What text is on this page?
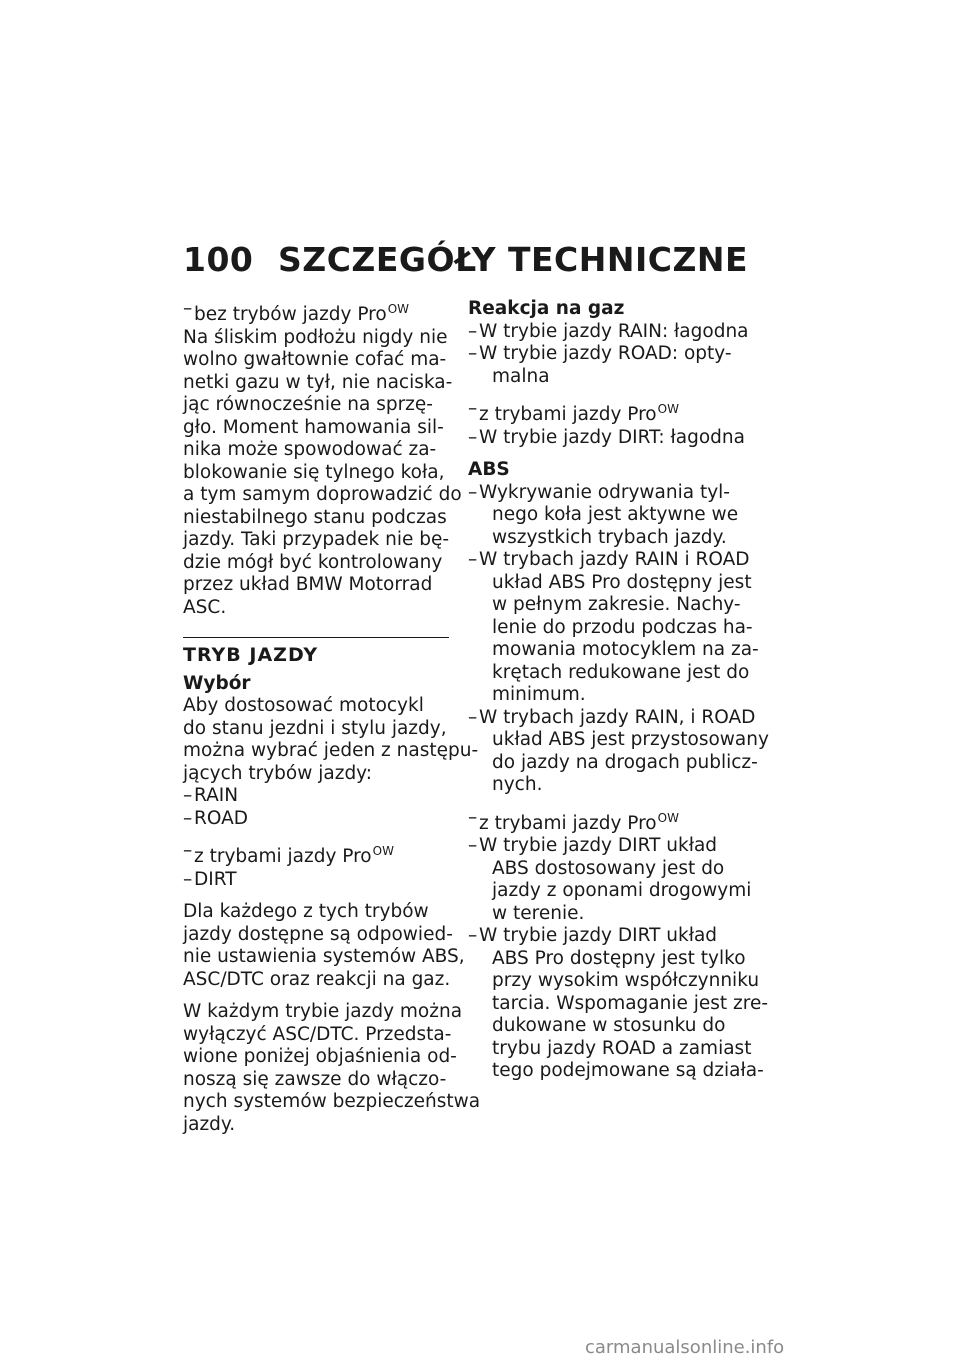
100 SZCZEGÓŁY TECHNICZNE
– bez trybów jazdy Pro$^{OW}$
Na śliskim podłożu nigdy nie
wolno gwałtownie cofać ma-
netki gazu w tył, nie naciska-
jąc równocześnie na sprzę-
gło. Moment hamowania sil-
nika może spowodować za-
blokowanie się tylnego koła,
a tym samym doprowadzić do
niestabilnego stanu podczas
jazdy. Taki przypadek nie bę-
dzie mógł być kontrolowany
przez układ BMW Motorrad
ASC.
TRYB JAZDY
Wybór
Aby dostosować motocykl
do stanu jezdni i stylu jazdy,
można wybrać jeden z następu-
jących trybów jazdy:
– RAIN
– ROAD
– z trybami jazdy Pro$^{OW}$
– DIRT
Dla każdego z tych trybów
jazdy dostępne są odpowied-
nie ustawienia systemów ABS,
ASC/DTC oraz reakcji na gaz.
W każdym trybie jazdy można
wyłączyć ASC/DTC. Przedsta-
wione poniżej objaśnienia od-
noszą się zawsze do włączo-
nych systemów bezpieczeństwa
jazdy.
Reakcja na gaz
– W trybie jazdy RAIN: łagodna
– W trybie jazdy ROAD: opty-
malna
– z trybami jazdy Pro$^{OW}$
– W trybie jazdy DIRT: łagodna
ABS
– Wykrywanie odrywania tyl-
nego koła jest aktywne we
wszystkich trybach jazdy.
– W trybach jazdy RAIN i ROAD
układ ABS Pro dostępny jest
w pełnym zakresie. Nachy-
lenie do przodu podczas ha-
mowania motocyklem na za-
krętach redukowane jest do
minimum.
– W trybach jazdy RAIN, i ROAD
układ ABS jest przystosowany
do jazdy na drogach publicz-
nych.
– z trybami jazdy Pro$^{OW}$
– W trybie jazdy DIRT układ
ABS dostosowany jest do
jazdy z oponami drogowymi
w terenie.
– W trybie jazdy DIRT układ
ABS Pro dostępny jest tylko
przy wysokim współczynniku
tarcia. Wspomaganie jest zre-
dukowane w stosunku do
trybu jazdy ROAD a zamiast
tego podejmowane są działa-
carmanualsonline.info
